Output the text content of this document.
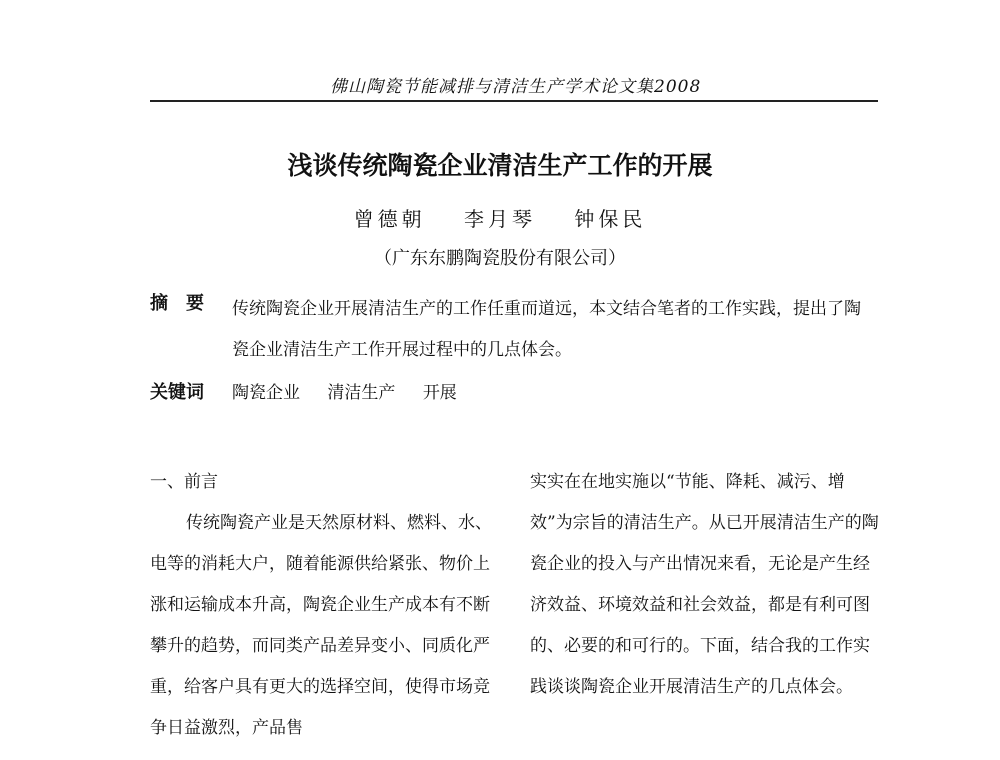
佛山陶瓷节能减排与清洁生产学术论文集2008
浅谈传统陶瓷企业清洁生产工作的开展
曾德朝 李月琴 钟保民
（广东东鹏陶瓷股份有限公司）
摘要 传统陶瓷企业开展清洁生产的工作任重而道远，本文结合笔者的工作实践，提出了陶瓷企业清洁生产工作开展过程中的几点体会。
关键词 陶瓷企业 清洁生产 开展
一、前言
传统陶瓷产业是天然原材料、燃料、水、电等的消耗大户，随着能源供给紧张、物价上涨和运输成本升高，陶瓷企业生产成本有不断攀升的趋势，而同类产品差异变小、同质化严重，给客户具有更大的选择空间，使得市场竞争日益激烈，产品售
实实在在地实施以“节能、降耗、减污、增效”为宗旨的清洁生产。从已开展清洁生产的陶瓷企业的投入与产出情况来看，无论是产生经济效益、环境效益和社会效益，都是有利可图的、必要的和可行的。下面，结合我的工作实践谈谈陶瓷企业开展清洁生产的几点体会。
